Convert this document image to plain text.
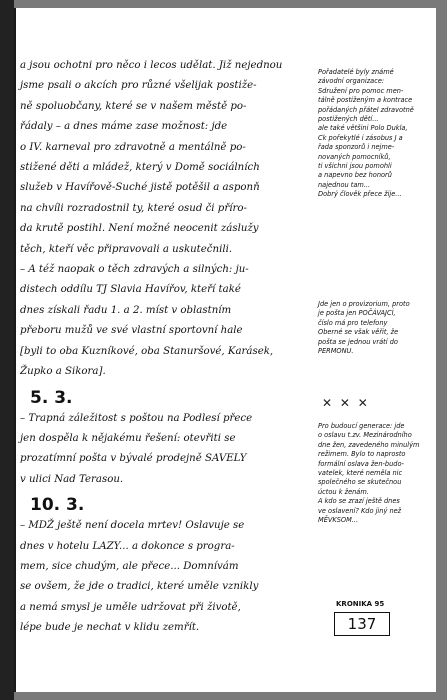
a jsou ochotni pro něco i lecos udělat. Již nejednou
jsme psali o akcích pro různé všelijak postiže-
ně spoluobčany, které se v našem městě po-
řádaly – a dnes máme zase možnost: jde
o IV. karneval pro zdravotně a mentálně po-
stižené děti a mládež, který v Domě sociálních
služeb v Havířově-Suché jistě potěšil a asponň
na chvíli rozradostnil ty, které osud či příro-
da krutě postihl. Není možné neocenit záslužy
těch, kteří věc připravovali a uskutečnili.

– A též naopak o těch zdravých a silných: ju-
distech oddílu TJ Slavia Havířov, kteří také
dnes získali řadu 1. a 2. míst v oblastním
přeboru mužů ve své vlastní sportovní hale
[byli to oba Kuzníkové, oba Stanuršové, Karásek,
Župko a Sikora].

5. 3.

– Trapná záležitost s poštou na Podlesí přece
jen dospěla k nějakému řešení: otevřiti se
prozatímní pošta v bývalé prodejně SAVELY
v ulici Nad Terasou.

10. 3.

– MDŽ ještě není docela mrtev! Oslavuje se
dnes v hotelu LAZY... a dokonce s progra-
mem, sice chudým, ale přece... Domnívám
se ovšem, že jde o tradici, které uměle vznikly
a nemá smysl je uměle udržovat při životě,
lépe bude je nechat v klidu zemřít.

Pořadatelé byly známé
závodní organizace:
Sdružení pro pomoc men-
tálně postiženým a kontrace
pořádaných přátel zdravotně
postižených dětí...
ale také většini Polo Dukla,
Ck pořekytlé i zásobus J a
řada sponzorů i nejme-
novaných pomocníků,
ti všichni jsou pomohli
a napevno bez honorů
najednou tam...
Dobrý člověk přece žije...

Jde jen o provizorium, proto
je pošta jen POČÁVAJCÍ,
číslo má pro telefony
Oberné se však věřit, že
pošta se jednou vrátí do
PERMONU.

✕ ✕ ✕

Pro budoucí generace: jde
o oslavu t.zv. Mezinárodního
dne žen, zavedeného minulým
režimem. Bylo to naprosto
formální oslava žen-budo-
vatelek, které neměla nic
společného se skutečnou
úctou k ženám.
A kdo se zrazí ještě dnes
ve oslavení? Kdo jiný než
MĚVKSOM...

KRONIKA 95
137
